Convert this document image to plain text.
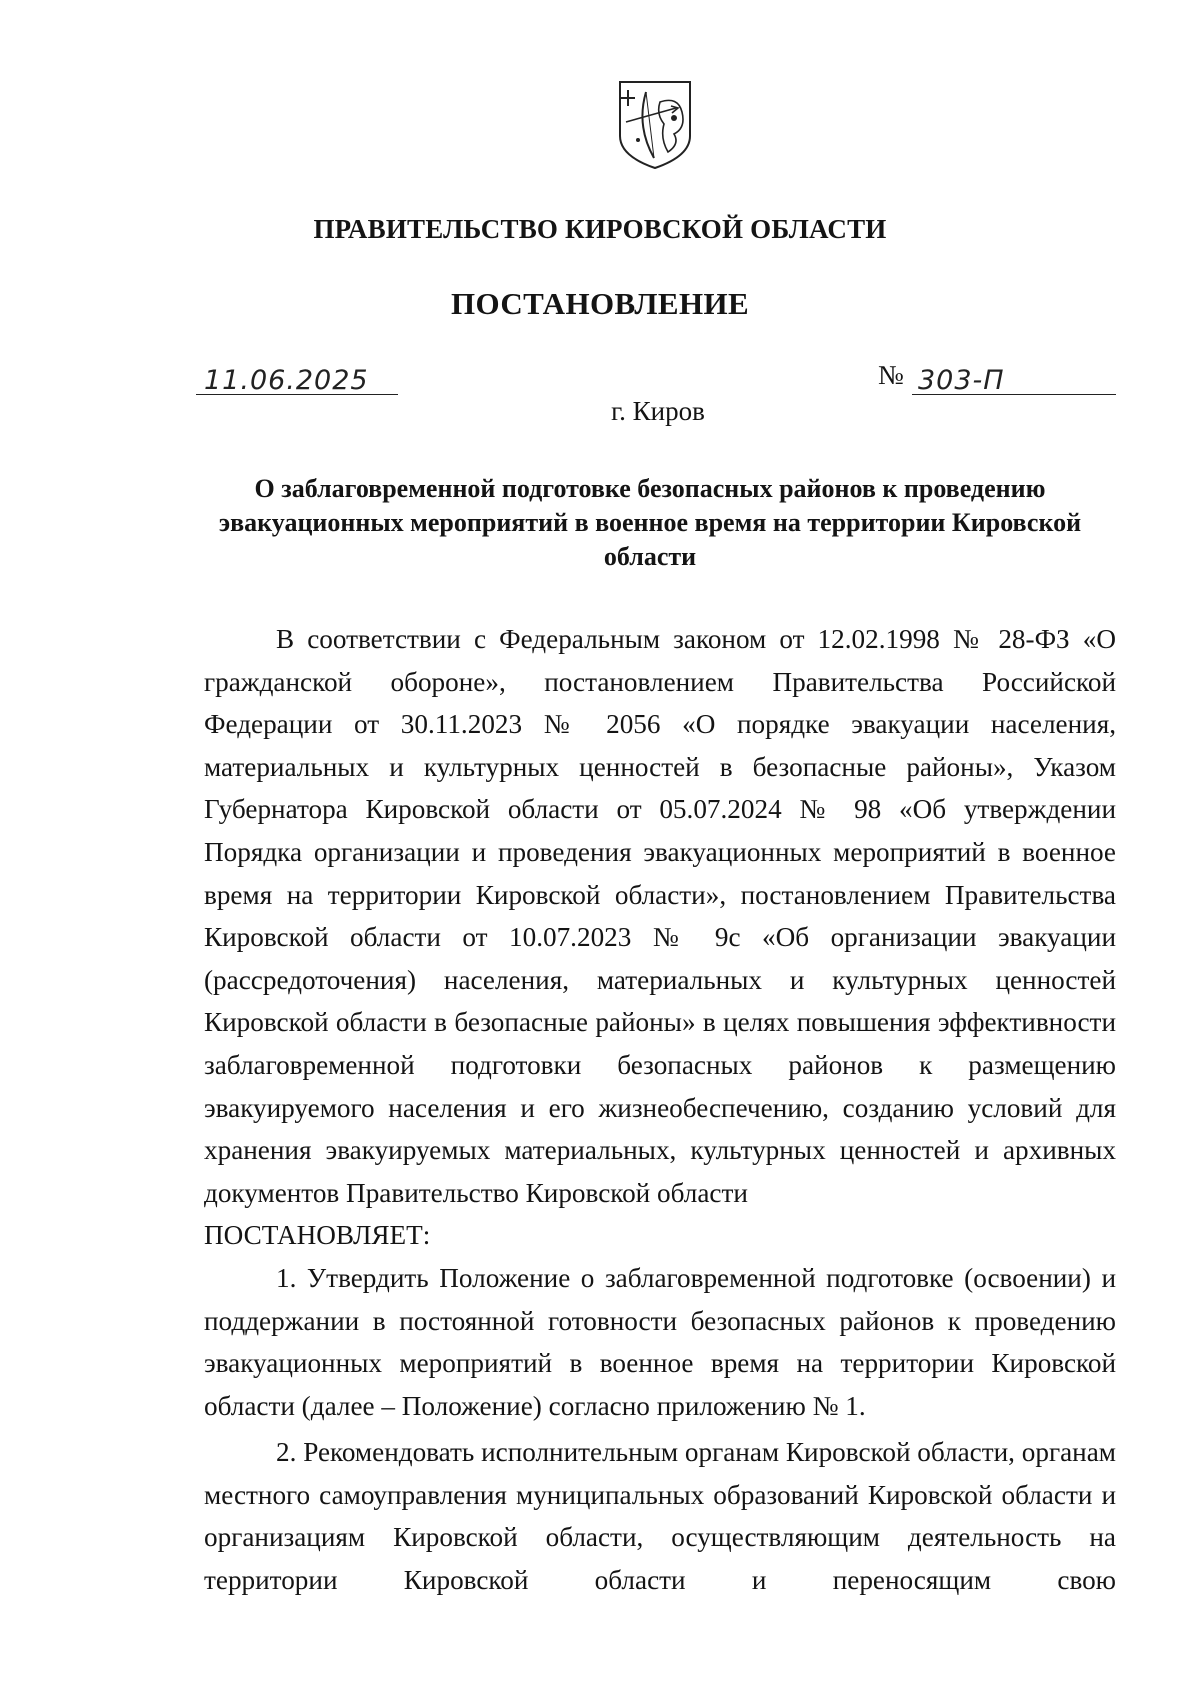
ПРАВИТЕЛЬСТВО КИРОВСКОЙ ОБЛАСТИ
ПОСТАНОВЛЕНИЕ
11.06.2025	№ 303-П
г. Киров
О заблаговременной подготовке безопасных районов к проведению эвакуационных мероприятий в военное время на территории Кировской области

В соответствии с Федеральным законом от 12.02.1998 № 28-ФЗ «О гражданской обороне», постановлением Правительства Российской Федерации от 30.11.2023 № 2056 «О порядке эвакуации населения, материальных и культурных ценностей в безопасные районы», Указом Губернатора Кировской области от 05.07.2024 № 98 «Об утверждении Порядка организации и проведения эвакуационных мероприятий в военное время на территории Кировской области», постановлением Правительства Кировской области от 10.07.2023 № 9с «Об организации эвакуации (рассредоточения) населения, материальных и культурных ценностей Кировской области в безопасные районы» в целях повышения эффективности заблаговременной подготовки безопасных районов к размещению эвакуируемого населения и его жизнеобеспечению, созданию условий для хранения эвакуируемых материальных, культурных ценностей и архивных документов Правительство Кировской области

ПОСТАНОВЛЯЕТ:

1. Утвердить Положение о заблаговременной подготовке (освоении) и поддержании в постоянной готовности безопасных районов к проведению эвакуационных мероприятий в военное время на территории Кировской области (далее – Положение) согласно приложению № 1.

2. Рекомендовать исполнительным органам Кировской области, органам местного самоуправления муниципальных образований Кировской области и организациям Кировской области, осуществляющим деятельность на территории Кировской области и переносящим свою
